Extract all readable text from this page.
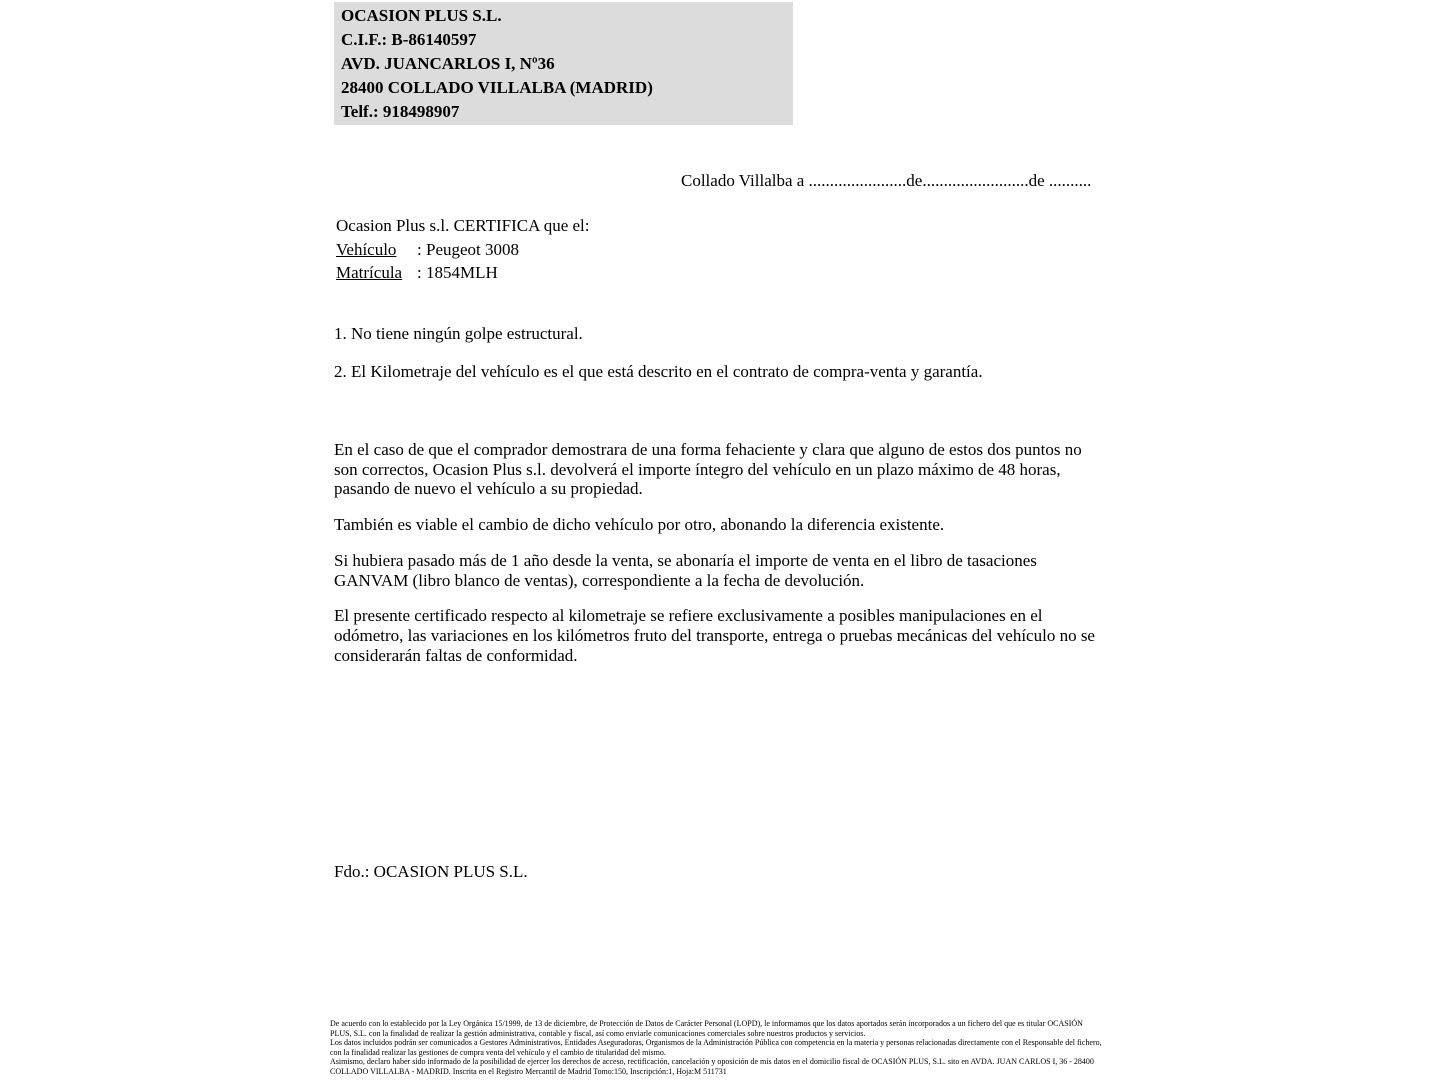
OCASION PLUS S.L.
C.I.F.: B-86140597
AVD. JUANCARLOS I, Nº36
28400 COLLADO VILLALBA (MADRID)
Telf.: 918498907
Collado Villalba a .......................de.........................de ..........
Ocasion Plus s.l. CERTIFICA que el:
Vehículo : Peugeot 3008
Matrícula : 1854MLH
1. No tiene ningún golpe estructural.
2. El Kilometraje del vehículo es el que está descrito en el contrato de compra-venta y garantía.

En el caso de que el comprador demostrara de una forma fehaciente y clara que alguno de estos dos puntos no son correctos, Ocasion Plus s.l. devolverá el importe íntegro del vehículo en un plazo máximo de 48 horas, pasando de nuevo el vehículo a su propiedad.

También es viable el cambio de dicho vehículo por otro, abonando la diferencia existente.

Si hubiera pasado más de 1 año desde la venta, se abonaría el importe de venta en el libro de tasaciones GANVAM (libro blanco de ventas), correspondiente a la fecha de devolución.

El presente certificado respecto al kilometraje se refiere exclusivamente a posibles manipulaciones en el odómetro, las variaciones en los kilómetros fruto del transporte, entrega o pruebas mecánicas del vehículo no se considerarán faltas de conformidad.

Fdo.: OCASION PLUS S.L.

De acuerdo con lo establecido por la Ley Orgánica 15/1999, de 13 de diciembre, de Protección de Datos de Carácter Personal (LOPD), le informamos que los datos aportados serán incorporados a un fichero del que es titular OCASIÓN PLUS, S.L. con la finalidad de realizar la gestión administrativa, contable y fiscal, así como enviarle comunicaciones comerciales sobre nuestros productos y servicios.

Los datos incluidos podrán ser comunicados a Gestores Administrativos, Entidades Aseguradoras, Organismos de la Administración Pública con competencia en la materia y personas relacionadas directamente con el Responsable del fichero, con la finalidad realizar las gestiones de compra venta del vehículo y el cambio de titularidad del mismo.

Asimismo, declaro haber sido informado de la posibilidad de ejercer los derechos de acceso, rectificación, cancelación y oposición de mis datos en el domicilio fiscal de OCASIÓN PLUS, S.L. sito en AVDA. JUAN CARLOS I, 36 - 28400 COLLADO VILLALBA - MADRID. Inscrita en el Registro Mercantil de Madrid Tomo:150, Inscripción:1, Hoja:M 511731
